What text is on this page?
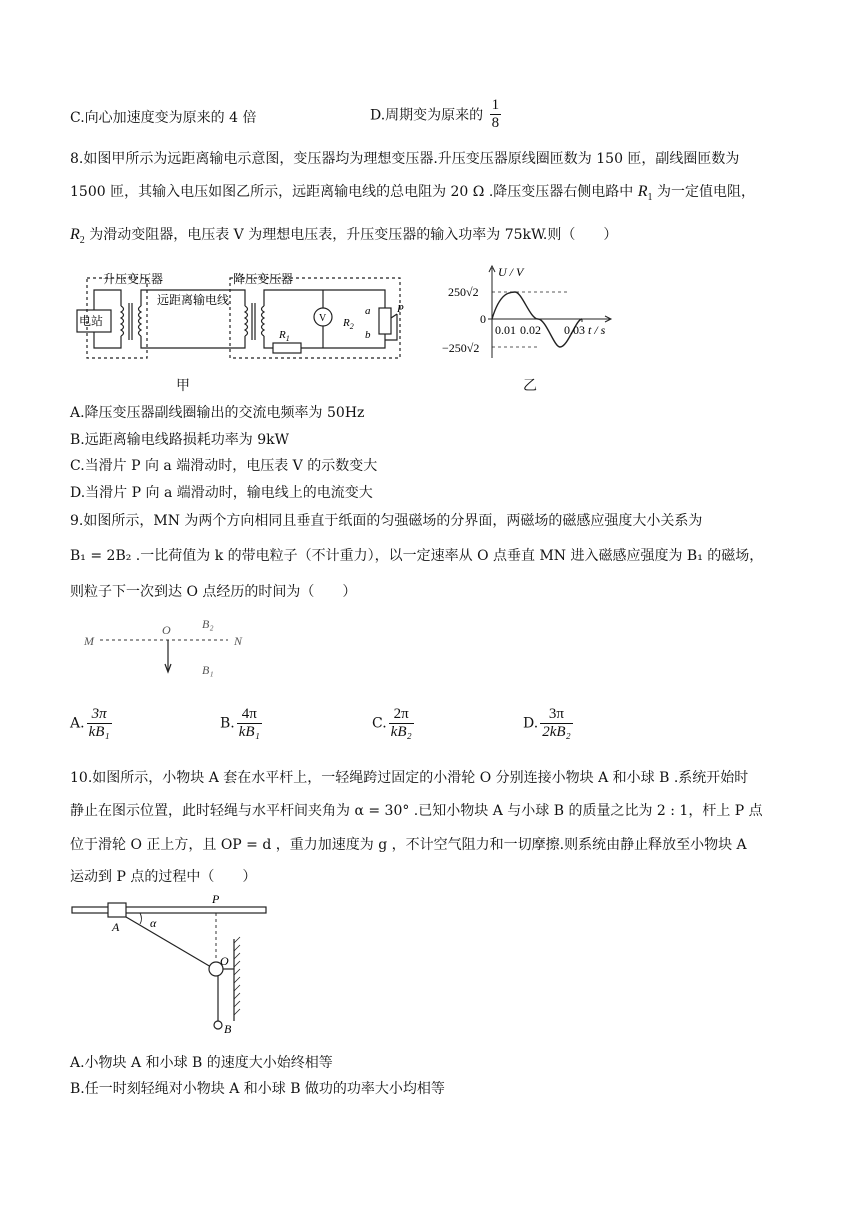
C.向心加速度变为原来的 4 倍	D.周期变为原来的 $\frac{1}{8}$
8.如图甲所示为远距离输电示意图，变压器均为理想变压器.升压变压器原线圈匝数为 150 匝，副线圈匝数为
1500 匝，其输入电压如图乙所示，远距离输电线的总电阻为 20 Ω .降压变压器右侧电路中 $R_1$ 为一定值电阻，
$R_2$ 为滑动变阻器，电压表 V 为理想电压表，升压变压器的输入功率为 75kW.则（　　）
电站
升压变压器	降压变压器
远距离输电线
V
$R_1$
$R_2$
a
b
P
甲
U / V
250√2
−250√2
0
0.01 0.02 0.03 t / s
乙
A.降压变压器副线圈输出的交流电频率为 50Hz
B.远距离输电线路损耗功率为 9kW
C.当滑片 P 向 a 端滑动时，电压表 V 的示数变大
D.当滑片 P 向 a 端滑动时，输电线上的电流变大
9.如图所示，MN 为两个方向相同且垂直于纸面的匀强磁场的分界面，两磁场的磁感应强度大小关系为
B₁ = 2B₂ .一比荷值为 k 的带电粒子（不计重力），以一定速率从 O 点垂直 MN 进入磁感应强度为 B₁ 的磁场，
则粒子下一次到达 O 点经历的时间为（　　）
M	N
O	B₂
B₁
A. $\frac{3\pi}{\text{kB₁}}$	B. $\frac{4\pi}{\text{kB₁}}$	C. $\frac{2\pi}{\text{kB₂}}$	D. $\frac{3\pi}{\text{2kB₂}}$
10.如图所示，小物块 A 套在水平杆上，一轻绳跨过固定的小滑轮 O 分别连接小物块 A 和小球 B .系统开始时
静止在图示位置，此时轻绳与水平杆间夹角为 α = 30° .已知小物块 A 与小球 B 的质量之比为 2 : 1，杆上 P 点
位于滑轮 O 正上方，且 OP = d ，重力加速度为 g ，不计空气阻力和一切摩擦.则系统由静止释放至小物块 A
运动到 P 点的过程中（　　）
P
A	α
O
B
A.小物块 A 和小球 B 的速度大小始终相等
B.任一时刻轻绳对小物块 A 和小球 B 做功的功率大小均相等
